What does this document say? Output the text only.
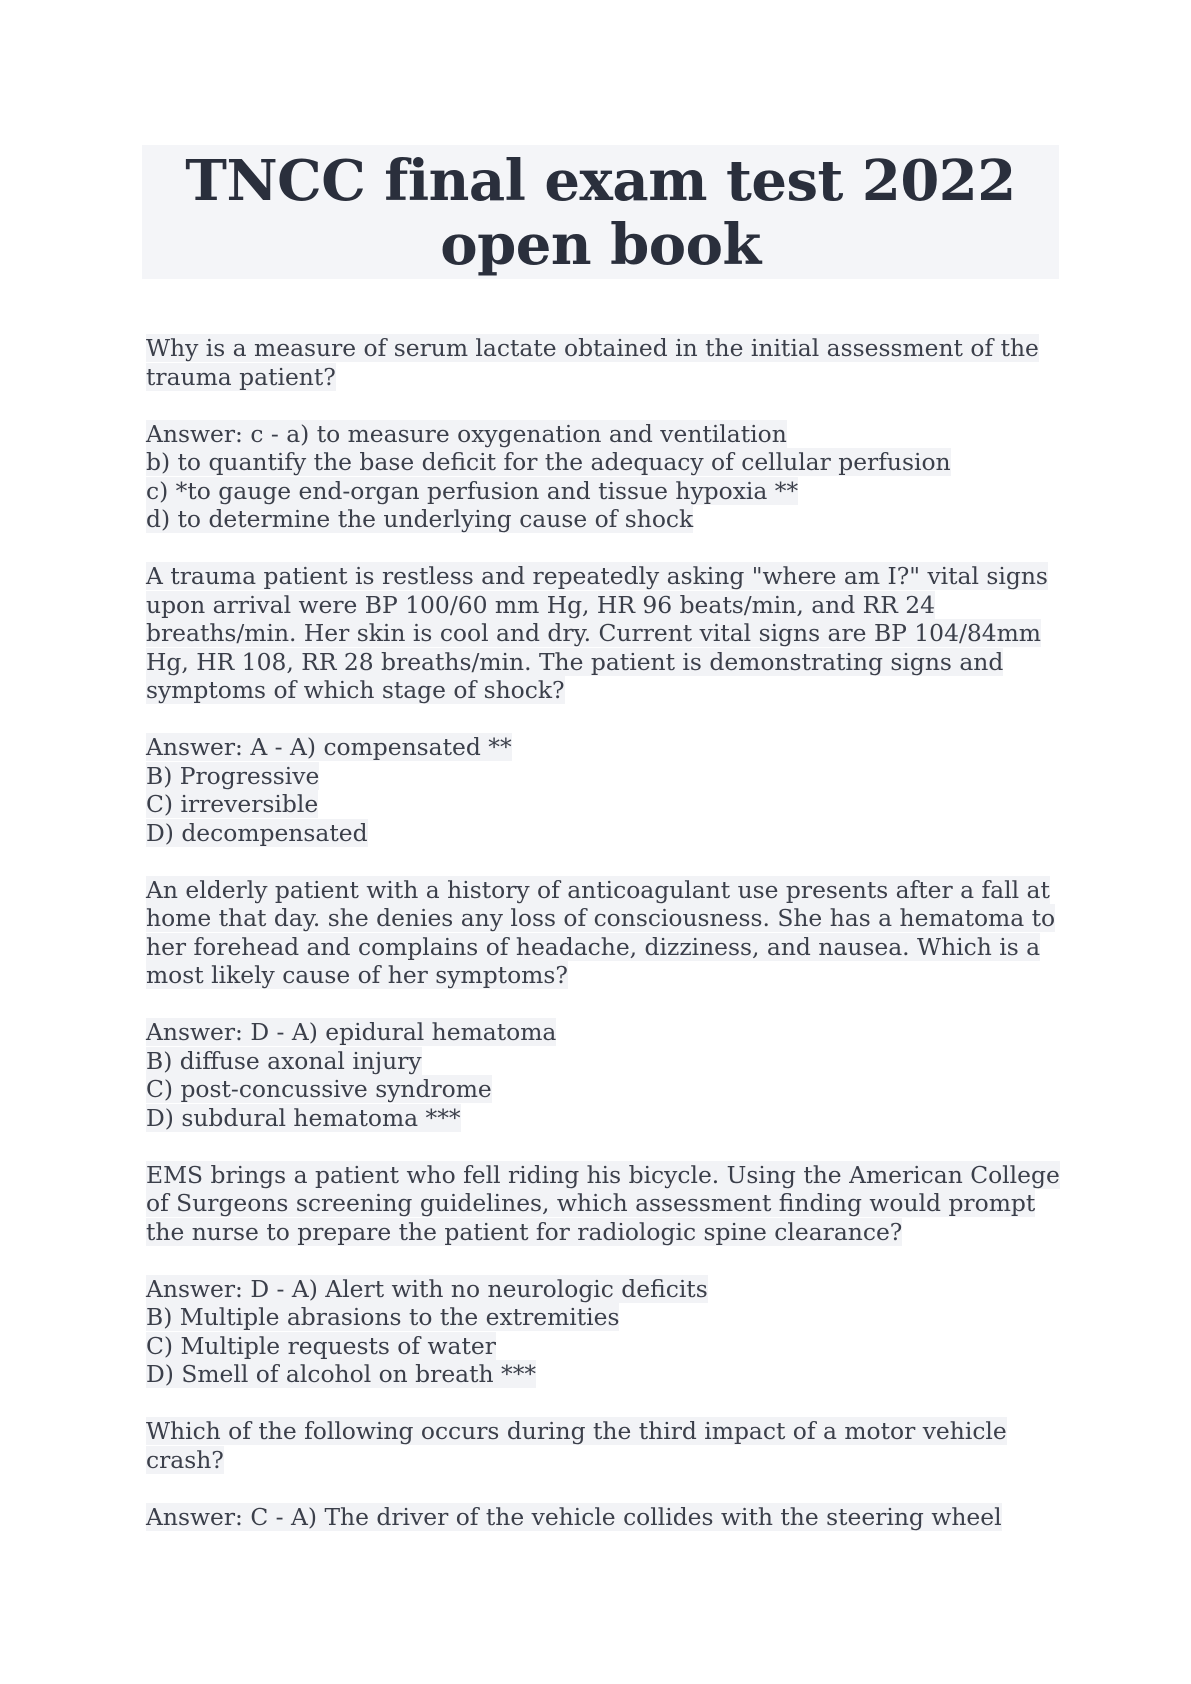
TNCC final exam test 2022
open book
Why is a measure of serum lactate obtained in the initial assessment of the
trauma patient?
Answer: c - a) to measure oxygenation and ventilation
b) to quantify the base deficit for the adequacy of cellular perfusion
c) *to gauge end-organ perfusion and tissue hypoxia **
d) to determine the underlying cause of shock
A trauma patient is restless and repeatedly asking "where am I?" vital signs
upon arrival were BP 100/60 mm Hg, HR 96 beats/min, and RR 24
breaths/min. Her skin is cool and dry. Current vital signs are BP 104/84mm
Hg, HR 108, RR 28 breaths/min. The patient is demonstrating signs and
symptoms of which stage of shock?
Answer: A - A) compensated **
B) Progressive
C) irreversible
D) decompensated
An elderly patient with a history of anticoagulant use presents after a fall at
home that day. she denies any loss of consciousness. She has a hematoma to
her forehead and complains of headache, dizziness, and nausea. Which is a
most likely cause of her symptoms?
Answer: D - A) epidural hematoma
B) diffuse axonal injury
C) post-concussive syndrome
D) subdural hematoma ***
EMS brings a patient who fell riding his bicycle. Using the American College
of Surgeons screening guidelines, which assessment finding would prompt
the nurse to prepare the patient for radiologic spine clearance?
Answer: D - A) Alert with no neurologic deficits
B) Multiple abrasions to the extremities
C) Multiple requests of water
D) Smell of alcohol on breath ***
Which of the following occurs during the third impact of a motor vehicle
crash?
Answer: C - A) The driver of the vehicle collides with the steering wheel
